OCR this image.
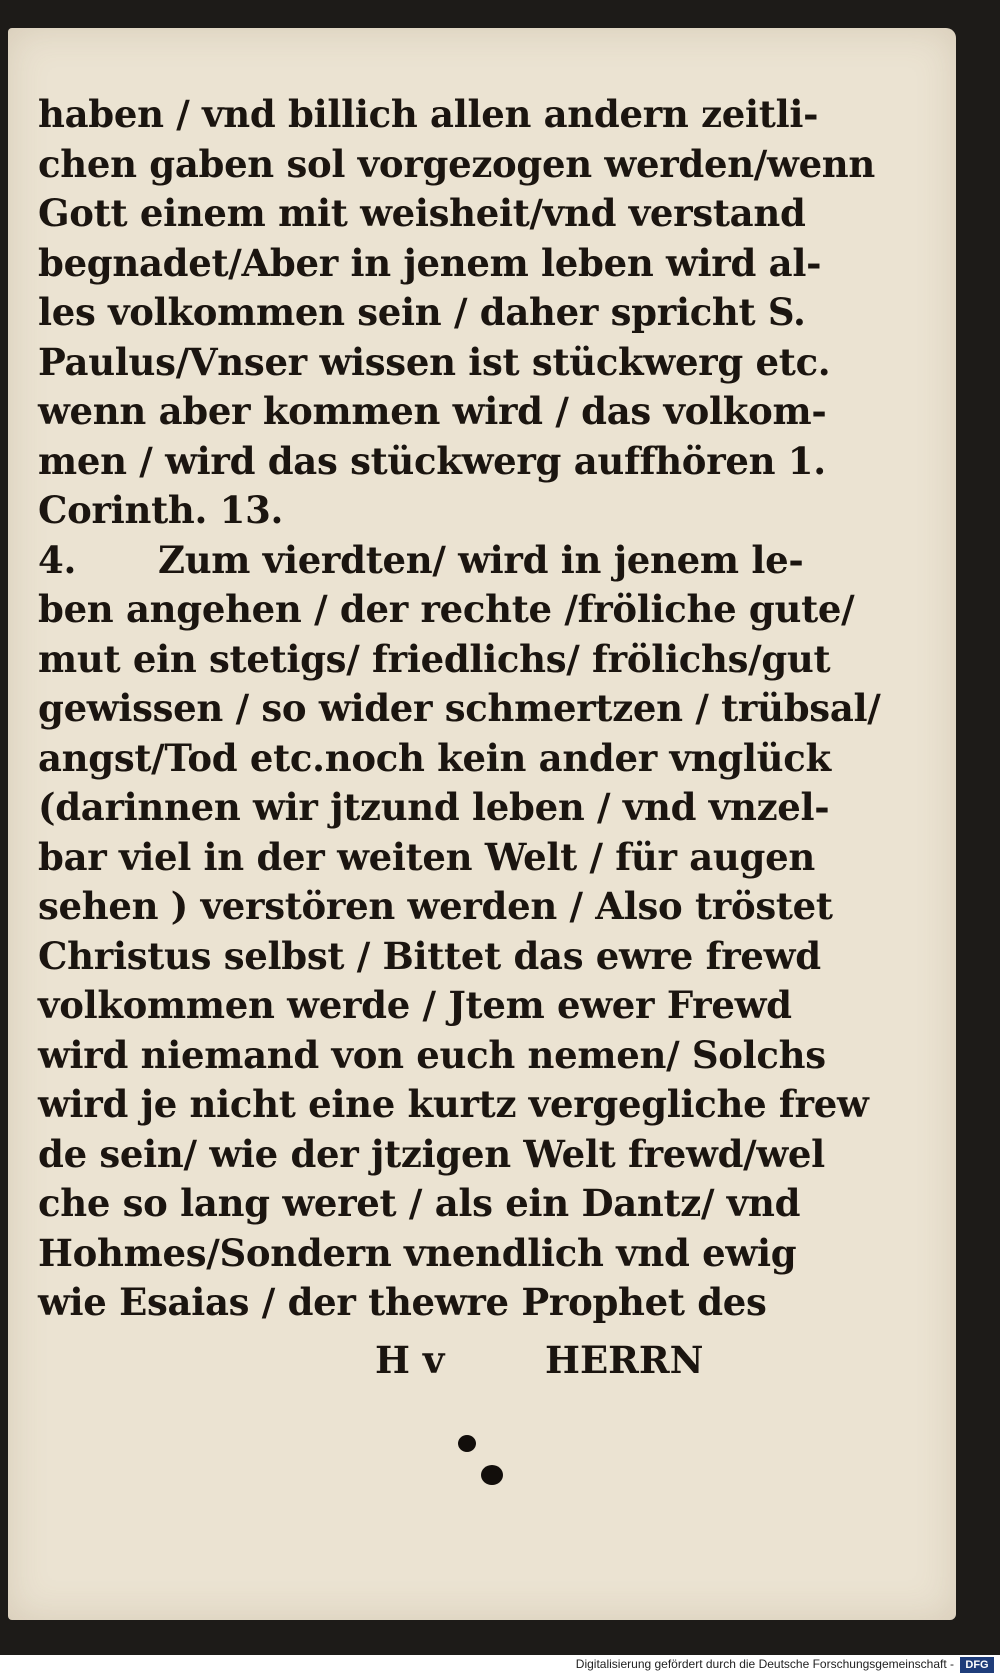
haben / vnd billich allen andern zeitli-
chen gaben sol vorgezogen werden/wenn
Gott einem mit weisheit/vnd verstand
begnadet/Aber in jenem leben wird al-
les volkommen sein / daher spricht S.
Paulus/Vnser wissen ist stückwerg etc.
wenn aber kommen wird / das volkom-
men / wird das stückwerg auffhören 1.
Corinth. 13.
4. Zum vierdten/ wird in jenem le-
ben angehen / der rechte /fröliche gute/
mut ein stetigs/ friedlichs/ frölichs/gut
gewissen / so wider schmertzen / trübsal/
angst/Tod etc.noch kein ander vnglück
(darinnen wir jtzund leben / vnd vnzel-
bar viel in der weiten Welt / für augen
sehen ) verstören werden / Also tröstet
Christus selbst / Bittet das ewre frewd
volkommen werde / Jtem ewer Frewd
wird niemand von euch nemen/ Solchs
wird je nicht eine kurtz vergegliche frew
de sein/ wie der jtzigen Welt frewd/wel
che so lang weret / als ein Dantz/ vnd
Hohmes/Sondern vnendlich vnd ewig
wie Esaias / der thewre Prophet des
H v	HERRN
Digitalisierung gefördert durch die Deutsche Forschungsgemeinschaft -	DFG
